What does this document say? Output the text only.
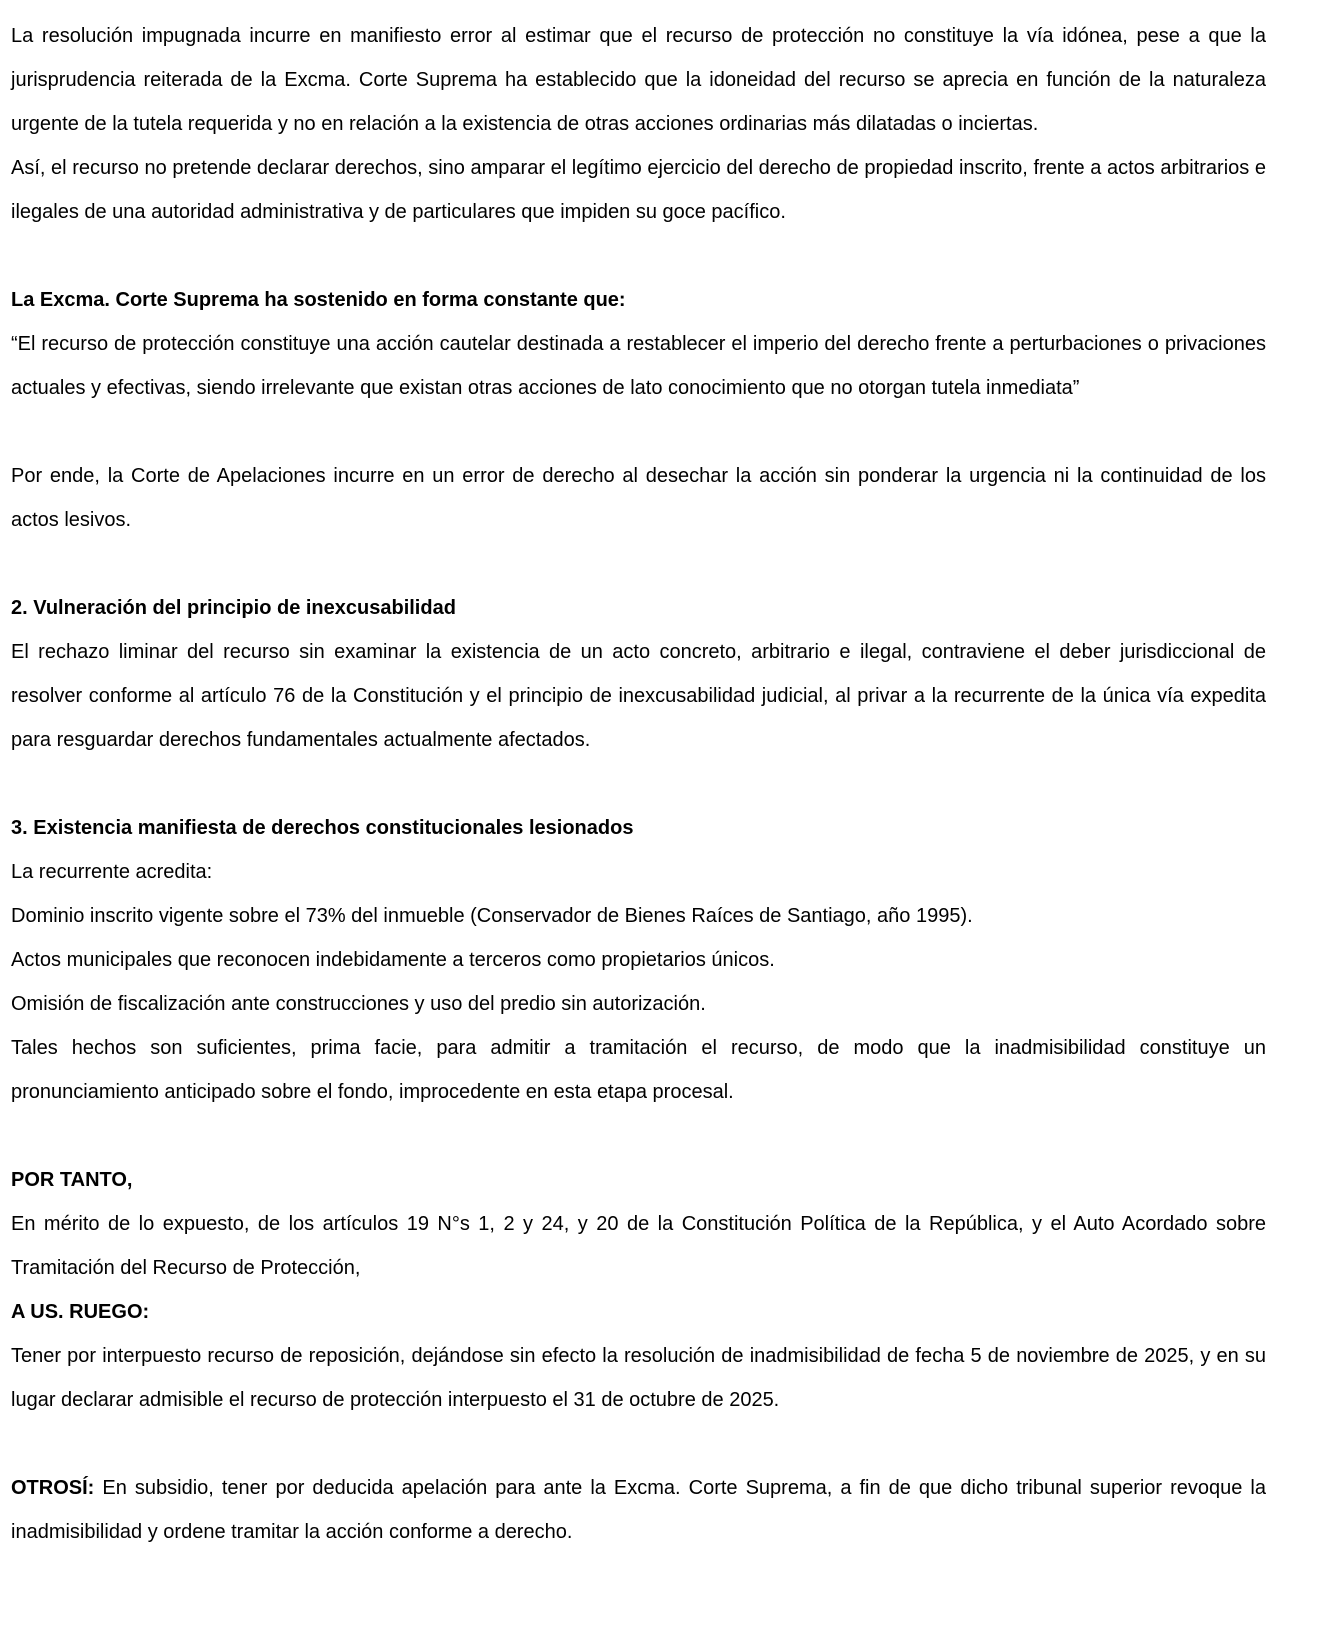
La resolución impugnada incurre en manifiesto error al estimar que el recurso de protección no constituye la vía idónea, pese a que la jurisprudencia reiterada de la Excma. Corte Suprema ha establecido que la idoneidad del recurso se aprecia en función de la naturaleza urgente de la tutela requerida y no en relación a la existencia de otras acciones ordinarias más dilatadas o inciertas.

Así, el recurso no pretende declarar derechos, sino amparar el legítimo ejercicio del derecho de propiedad inscrito, frente a actos arbitrarios e ilegales de una autoridad administrativa y de particulares que impiden su goce pacífico.

La Excma. Corte Suprema ha sostenido en forma constante que:

“El recurso de protección constituye una acción cautelar destinada a restablecer el imperio del derecho frente a perturbaciones o privaciones actuales y efectivas, siendo irrelevante que existan otras acciones de lato conocimiento que no otorgan tutela inmediata”

Por ende, la Corte de Apelaciones incurre en un error de derecho al desechar la acción sin ponderar la urgencia ni la continuidad de los actos lesivos.

2. Vulneración del principio de inexcusabilidad

El rechazo liminar del recurso sin examinar la existencia de un acto concreto, arbitrario e ilegal, contraviene el deber jurisdiccional de resolver conforme al artículo 76 de la Constitución y el principio de inexcusabilidad judicial, al privar a la recurrente de la única vía expedita para resguardar derechos fundamentales actualmente afectados.

3. Existencia manifiesta de derechos constitucionales lesionados

La recurrente acredita:

Dominio inscrito vigente sobre el 73% del inmueble (Conservador de Bienes Raíces de Santiago, año 1995).

Actos municipales que reconocen indebidamente a terceros como propietarios únicos.

Omisión de fiscalización ante construcciones y uso del predio sin autorización.

Tales hechos son suficientes, prima facie, para admitir a tramitación el recurso, de modo que la inadmisibilidad constituye un pronunciamiento anticipado sobre el fondo, improcedente en esta etapa procesal.

POR TANTO,

En mérito de lo expuesto, de los artículos 19 N°s 1, 2 y 24, y 20 de la Constitución Política de la República, y el Auto Acordado sobre Tramitación del Recurso de Protección,

A US. RUEGO:

Tener por interpuesto recurso de reposición, dejándose sin efecto la resolución de inadmisibilidad de fecha 5 de noviembre de 2025, y en su lugar declarar admisible el recurso de protección interpuesto el 31 de octubre de 2025.

OTROSÍ: En subsidio, tener por deducida apelación para ante la Excma. Corte Suprema, a fin de que dicho tribunal superior revoque la inadmisibilidad y ordene tramitar la acción conforme a derecho.
